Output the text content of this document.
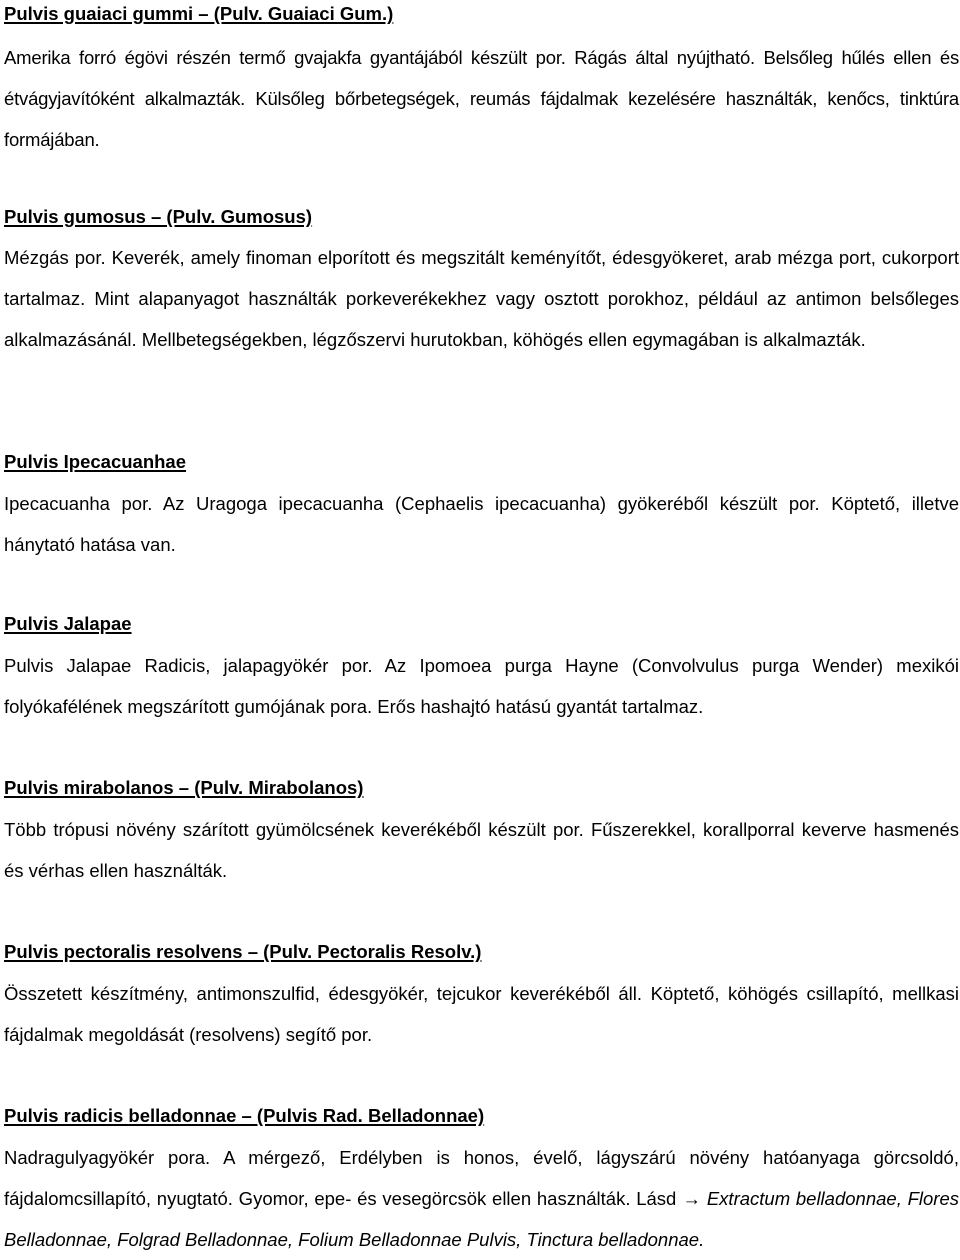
Pulvis guaiaci gummi – (Pulv. Guaiaci Gum.)

Amerika forró égövi részén termő gvajakfa gyantájából készült por. Rágás által nyújtható. Belsőleg hűlés ellen és étvágyjavítóként alkalmazták. Külsőleg bőrbetegségek, reumás fájdalmak kezelésére használták, kenőcs, tinktúra formájában.

Pulvis gumosus – (Pulv. Gumosus)

Mézgás por. Keverék, amely finoman elporított és megszitált keményítőt, édesgyökeret, arab mézga port, cukorport tartalmaz. Mint alapanyagot használták porkeverékekhez vagy osztott porokhoz, például az antimon belsőleges alkalmazásánál. Mellbetegségekben, légzőszervi hurutokban, köhögés ellen egymagában is alkalmazták.

Pulvis Ipecacuanhae

Ipecacuanha por. Az Uragoga ipecacuanha (Cephaelis ipecacuanha) gyökeréből készült por. Köptető, illetve hánytató hatása van.

Pulvis Jalapae

Pulvis Jalapae Radicis, jalapagyökér por. Az Ipomoea purga Hayne (Convolvulus purga Wender) mexikói folyókafélének megszárított gumójának pora. Erős hashajtó hatású gyantát tartalmaz.

Pulvis mirabolanos – (Pulv. Mirabolanos)

Több trópusi növény szárított gyümölcsének keverékéből készült por. Fűszerekkel, korallporral keverve hasmenés és vérhas ellen használták.

Pulvis pectoralis resolvens – (Pulv. Pectoralis Resolv.)

Összetett készítmény, antimonszulfid, édesgyökér, tejcukor keverékéből áll. Köptető, köhögés csillapító, mellkasi fájdalmak megoldását (resolvens) segítő por.

Pulvis radicis belladonnae – (Pulvis Rad. Belladonnae)

Nadragulyagyökér pora. A mérgező, Erdélyben is honos, évelő, lágyszárú növény hatóanyaga görcsoldó, fájdalomcsillapító, nyugtató. Gyomor, epe- és vesegörcsök ellen használták. Lásd → Extractum belladonnae, Flores Belladonnae, Folgrad Belladonnae, Folium Belladonnae Pulvis, Tinctura belladonnae.
